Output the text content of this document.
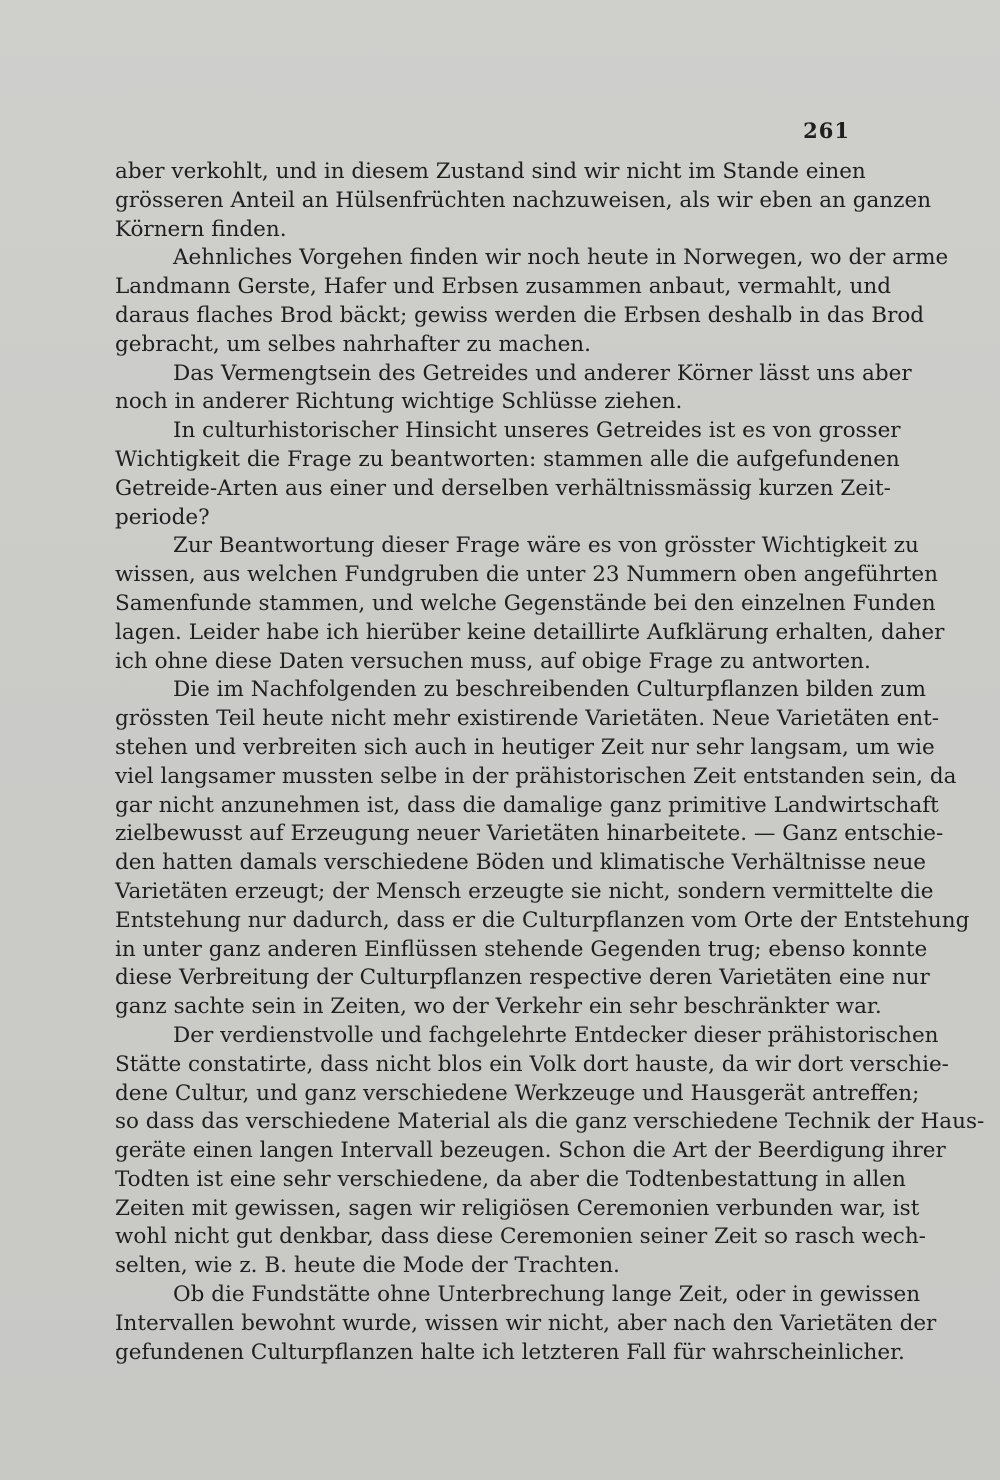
261
aber verkohlt, und in diesem Zustand sind wir nicht im Stande einen
grösseren Anteil an Hülsenfrüchten nachzuweisen, als wir eben an ganzen
Körnern finden.
Aehnliches Vorgehen finden wir noch heute in Norwegen, wo der arme
Landmann Gerste, Hafer und Erbsen zusammen anbaut, vermahlt, und
daraus flaches Brod bäckt; gewiss werden die Erbsen deshalb in das Brod
gebracht, um selbes nahrhafter zu machen.
Das Vermengtsein des Getreides und anderer Körner lässt uns aber
noch in anderer Richtung wichtige Schlüsse ziehen.
In culturhistorischer Hinsicht unseres Getreides ist es von grosser
Wichtigkeit die Frage zu beantworten: stammen alle die aufgefundenen
Getreide-Arten aus einer und derselben verhältnissmässig kurzen Zeit-
periode?
Zur Beantwortung dieser Frage wäre es von grösster Wichtigkeit zu
wissen, aus welchen Fundgruben die unter 23 Nummern oben angeführten
Samenfunde stammen, und welche Gegenstände bei den einzelnen Funden
lagen. Leider habe ich hierüber keine detaillirte Aufklärung erhalten, daher
ich ohne diese Daten versuchen muss, auf obige Frage zu antworten.
Die im Nachfolgenden zu beschreibenden Culturpflanzen bilden zum
grössten Teil heute nicht mehr existirende Varietäten. Neue Varietäten ent-
stehen und verbreiten sich auch in heutiger Zeit nur sehr langsam, um wie
viel langsamer mussten selbe in der prähistorischen Zeit entstanden sein, da
gar nicht anzunehmen ist, dass die damalige ganz primitive Landwirtschaft
zielbewusst auf Erzeugung neuer Varietäten hinarbeitete. — Ganz entschie-
den hatten damals verschiedene Böden und klimatische Verhältnisse neue
Varietäten erzeugt; der Mensch erzeugte sie nicht, sondern vermittelte die
Entstehung nur dadurch, dass er die Culturpflanzen vom Orte der Entstehung
in unter ganz anderen Einflüssen stehende Gegenden trug; ebenso konnte
diese Verbreitung der Culturpflanzen respective deren Varietäten eine nur
ganz sachte sein in Zeiten, wo der Verkehr ein sehr beschränkter war.
Der verdienstvolle und fachgelehrte Entdecker dieser prähistorischen
Stätte constatirte, dass nicht blos ein Volk dort hauste, da wir dort verschie-
dene Cultur, und ganz verschiedene Werkzeuge und Hausgerät antreffen;
so dass das verschiedene Material als die ganz verschiedene Technik der Haus-
geräte einen langen Intervall bezeugen. Schon die Art der Beerdigung ihrer
Todten ist eine sehr verschiedene, da aber die Todtenbestattung in allen
Zeiten mit gewissen, sagen wir religiösen Ceremonien verbunden war, ist
wohl nicht gut denkbar, dass diese Ceremonien seiner Zeit so rasch wech-
selten, wie z. B. heute die Mode der Trachten.
Ob die Fundstätte ohne Unterbrechung lange Zeit, oder in gewissen
Intervallen bewohnt wurde, wissen wir nicht, aber nach den Varietäten der
gefundenen Culturpflanzen halte ich letzteren Fall für wahrscheinlicher.
